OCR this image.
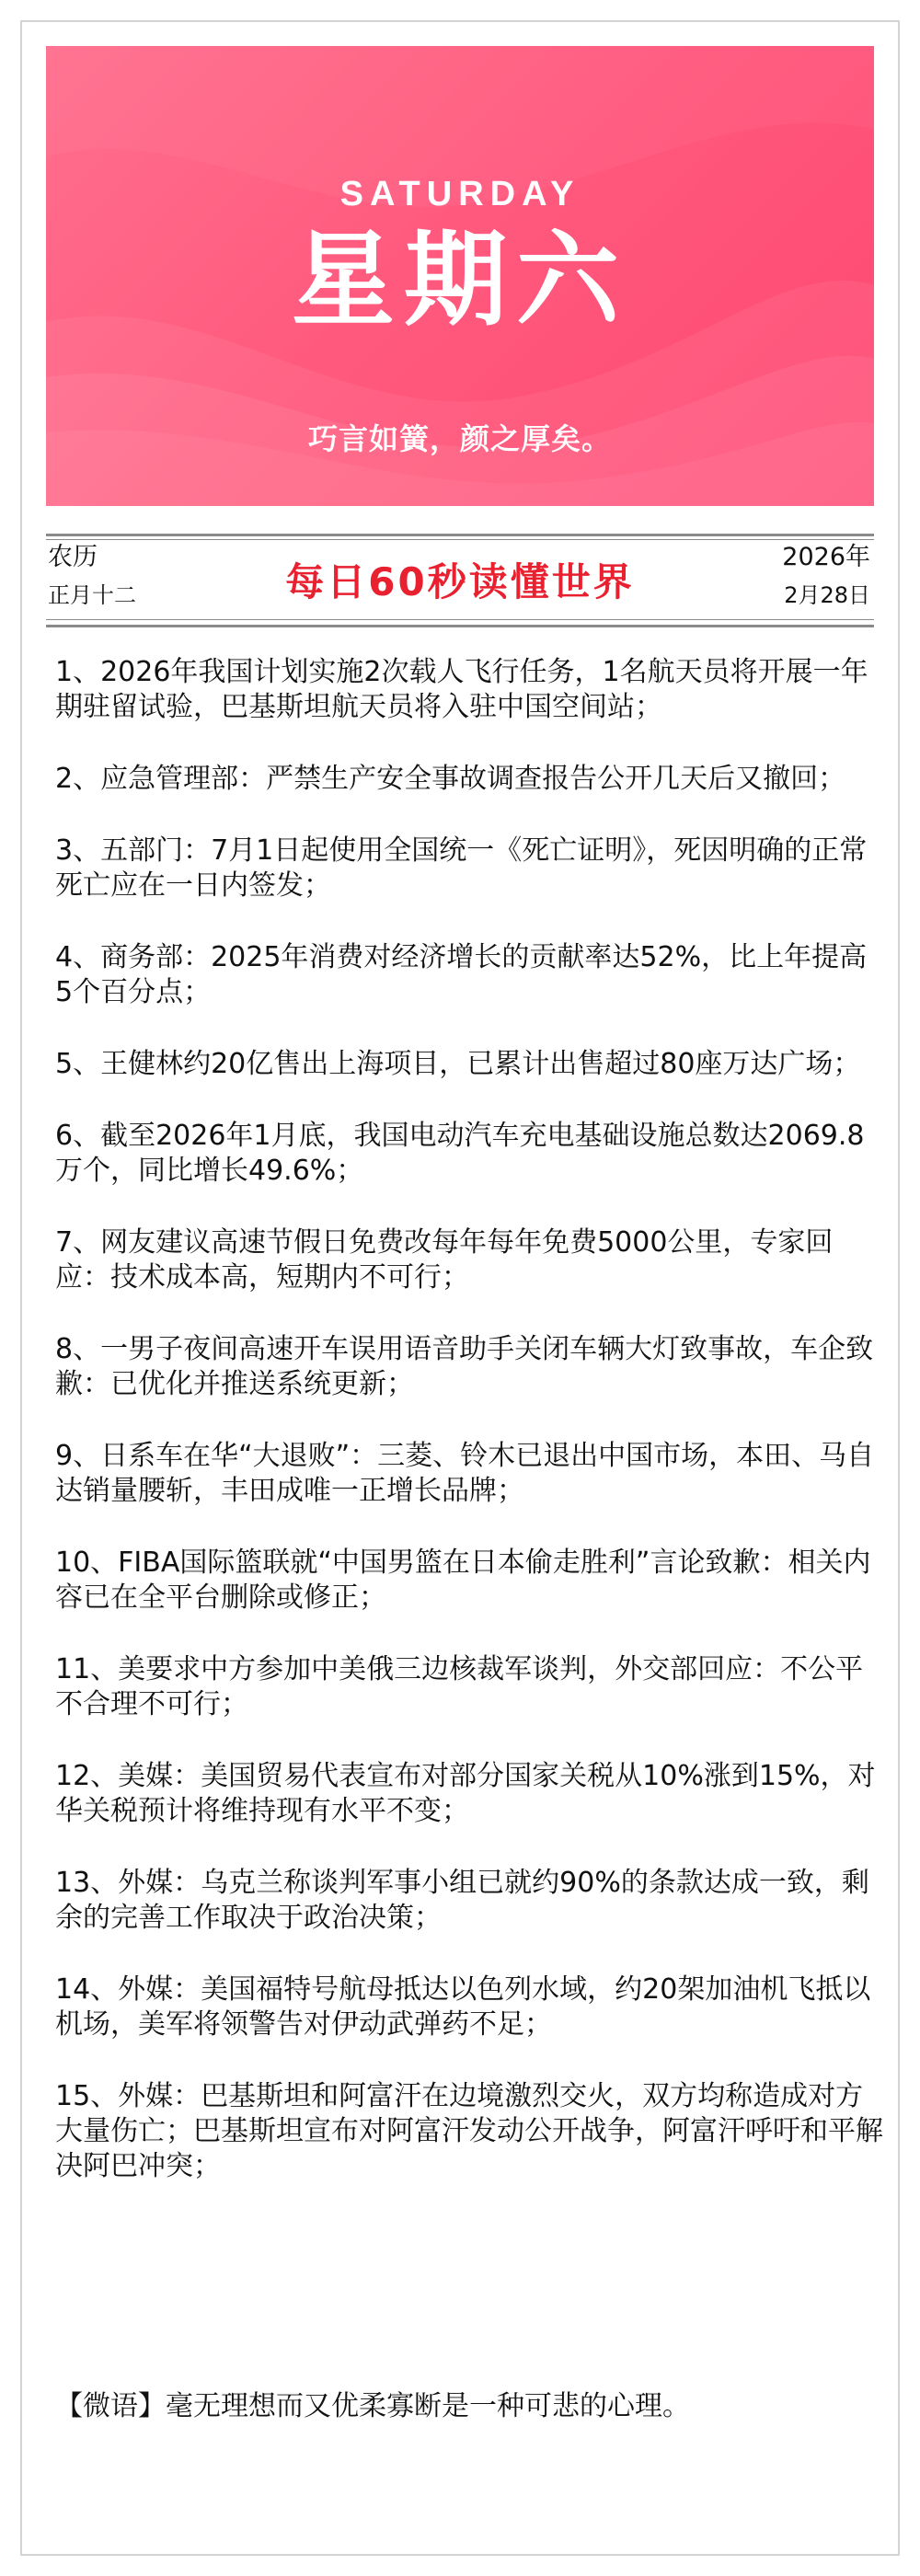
SATURDAY
星期六
巧言如簧，颜之厚矣。
农历
正月十二	每日60秒读懂世界
2026年
2月28日
1、2026年我国计划实施2次载人飞行任务，1名航天员将开展一年期驻留试验，巴基斯坦航天员将入驻中国空间站；
2、应急管理部：严禁生产安全事故调查报告公开几天后又撤回；
3、五部门：7月1日起使用全国统一《死亡证明》，死因明确的正常死亡应在一日内签发；
4、商务部：2025年消费对经济增长的贡献率达52%，比上年提高5个百分点；
5、王健林约20亿售出上海项目，已累计出售超过80座万达广场；
6、截至2026年1月底，我国电动汽车充电基础设施总数达2069.8万个，同比增长49.6%；
7、网友建议高速节假日免费改每年每年免费5000公里，专家回应：技术成本高，短期内不可行；
8、一男子夜间高速开车误用语音助手关闭车辆大灯致事故，车企致歉：已优化并推送系统更新；
9、日系车在华“大退败”：三菱、铃木已退出中国市场，本田、马自达销量腰斩，丰田成唯一正增长品牌；
10、FIBA国际篮联就“中国男篮在日本偷走胜利”言论致歉：相关内容已在全平台删除或修正；
11、美要求中方参加中美俄三边核裁军谈判，外交部回应：不公平不合理不可行；
12、美媒：美国贸易代表宣布对部分国家关税从10%涨到15%，对华关税预计将维持现有水平不变；
13、外媒：乌克兰称谈判军事小组已就约90%的条款达成一致，剩余的完善工作取决于政治决策；
14、外媒：美国福特号航母抵达以色列水域，约20架加油机飞抵以机场，美军将领警告对伊动武弹药不足；
15、外媒：巴基斯坦和阿富汗在边境激烈交火，双方均称造成对方大量伤亡；巴基斯坦宣布对阿富汗发动公开战争，阿富汗呼吁和平解决阿巴冲突；
【微语】毫无理想而又优柔寡断是一种可悲的心理。
